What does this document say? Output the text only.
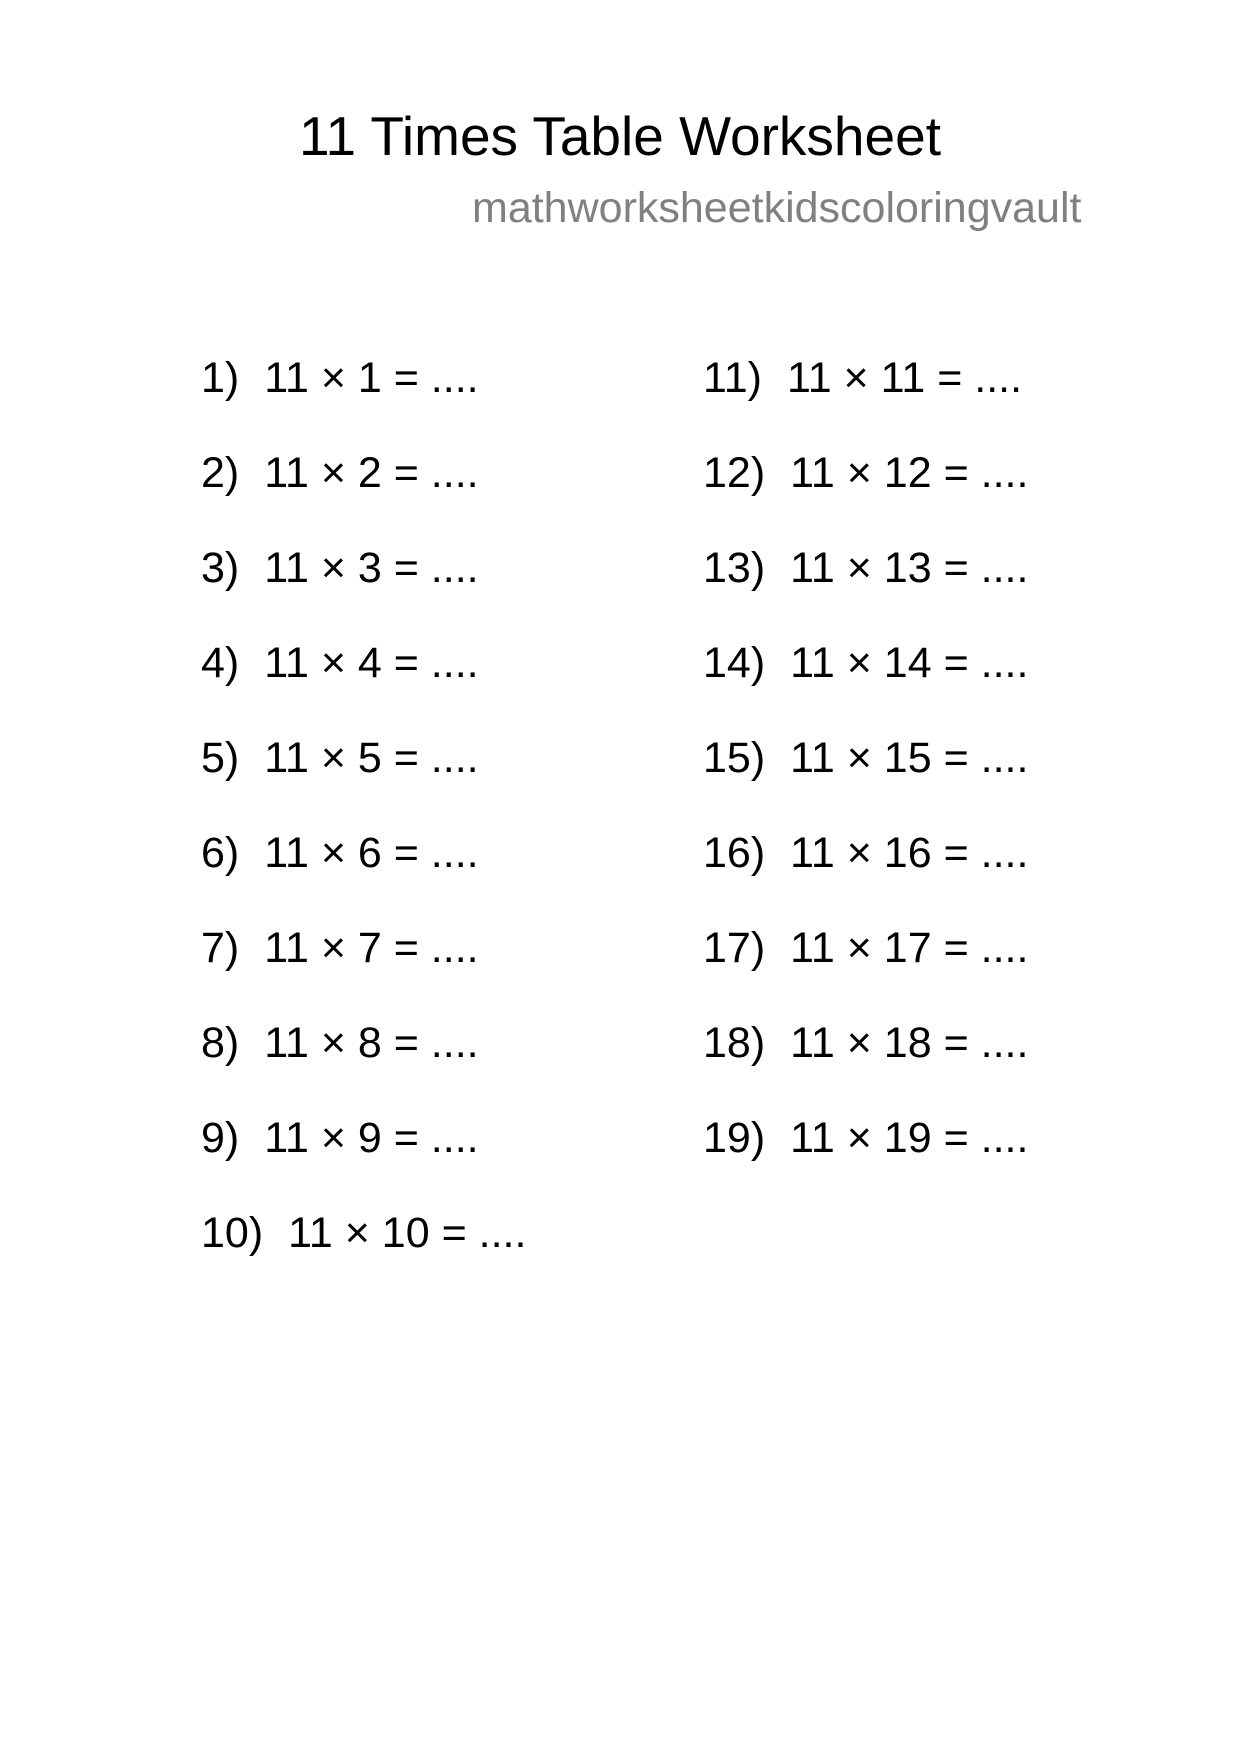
11 Times Table Worksheet
mathworksheetkidscoloringvault
1) 11 × 1 = ....
2) 11 × 2 = ....
3) 11 × 3 = ....
4) 11 × 4 = ....
5) 11 × 5 = ....
6) 11 × 6 = ....
7) 11 × 7 = ....
8) 11 × 8 = ....
9) 11 × 9 = ....
10) 11 × 10 = ....
11) 11 × 11 = ....
12) 11 × 12 = ....
13) 11 × 13 = ....
14) 11 × 14 = ....
15) 11 × 15 = ....
16) 11 × 16 = ....
17) 11 × 17 = ....
18) 11 × 18 = ....
19) 11 × 19 = ....
